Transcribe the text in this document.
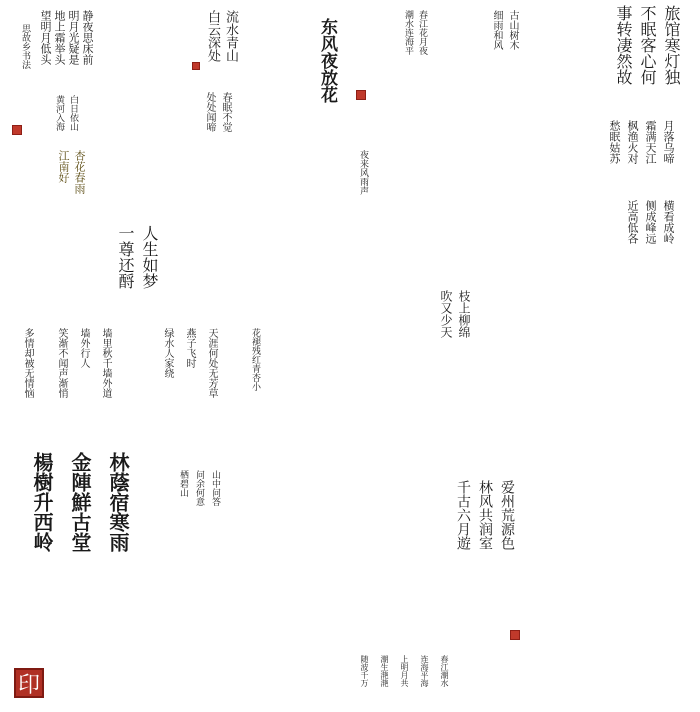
静夜思床前
明月光疑是
地上霜举头
望明月低头
思故乡书法	流水青山
白云深处	东风夜放花	春江花月夜
潮水连海平	古山树木
细雨和风	旅馆寒灯独
不眠客心何
事转凄然故
白日依山
黄河入海	春眠不觉
处处闻啼
月落乌啼
霜满天江
枫渔火对
愁眠姑苏
杏花春雨
江南好	夜来风雨声
人生如梦
一尊还酹
枝上柳绵
吹又少天
横看成岭
侧成峰远
近高低各
墙里秋千墙外道
墙外行人
笑渐不闻声渐悄
多情却被无情恼	天涯何处无芳草
燕子飞时
绿水人家绕	花褪残红青杏小
林蔭宿寒雨
金陣鮮古堂
楊樹升西岭
印
山中问答
问余何意
栖碧山	爱州荒源色
林风共润室
千古六月遊
春江潮水
连海平海
上明月共
潮生滟滟
随波千万
